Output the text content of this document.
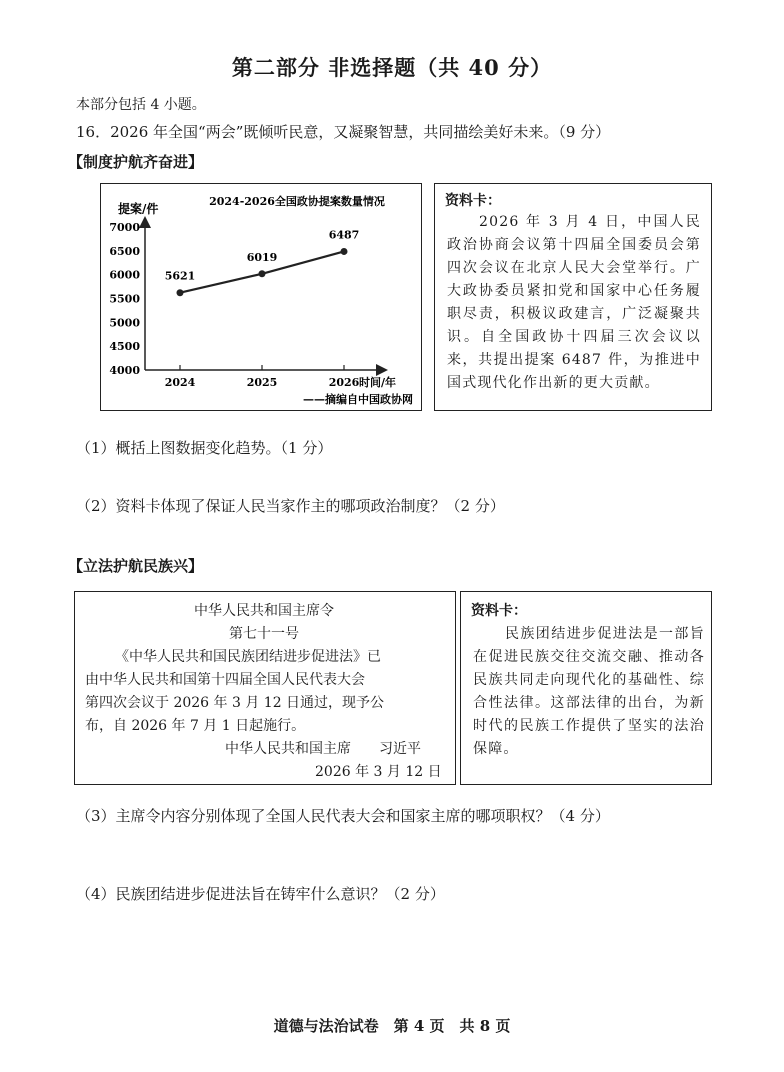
第二部分 非选择题（共 40 分）
本部分包括 4 小题。
16．2026 年全国“两会”既倾听民意，又凝聚智慧，共同描绘美好未来。（9 分）
【制度护航齐奋进】
2024-2026全国政协提案数量情况
提案/件
7000
6500
6000
5500
5000
4500
4000
2024	2025	2026
5621
6019
6487
时间/年
——摘编自中国政协网
资料卡：
2026 年 3 月 4 日，中国人民政治协商会议第十四届全国委员会第四次会议在北京人民大会堂举行。广大政协委员紧扣党和国家中心任务履职尽责，积极议政建言，广泛凝聚共识。自全国政协十四届三次会议以来，共提出提案 6487 件，为推进中国式现代化作出新的更大贡献。
（1）概括上图数据变化趋势。（1 分）
（2）资料卡体现了保证人民当家作主的哪项政治制度？（2 分）
【立法护航民族兴】
中华人民共和国主席令
第七十一号
《中华人民共和国民族团结进步促进法》已
由中华人民共和国第十四届全国人民代表大会
第四次会议于 2026 年 3 月 12 日通过，现予公
布，自 2026 年 7 月 1 日起施行。
中华人民共和国主席　　习近平
2026 年 3 月 12 日
资料卡：
民族团结进步促进法是一部旨在促进民族交往交流交融、推动各民族共同走向现代化的基础性、综合性法律。这部法律的出台，为新时代的民族工作提供了坚实的法治保障。
（3）主席令内容分别体现了全国人民代表大会和国家主席的哪项职权？（4 分）
（4）民族团结进步促进法旨在铸牢什么意识？（2 分）
道德与法治试卷　第 4 页　共 8 页
